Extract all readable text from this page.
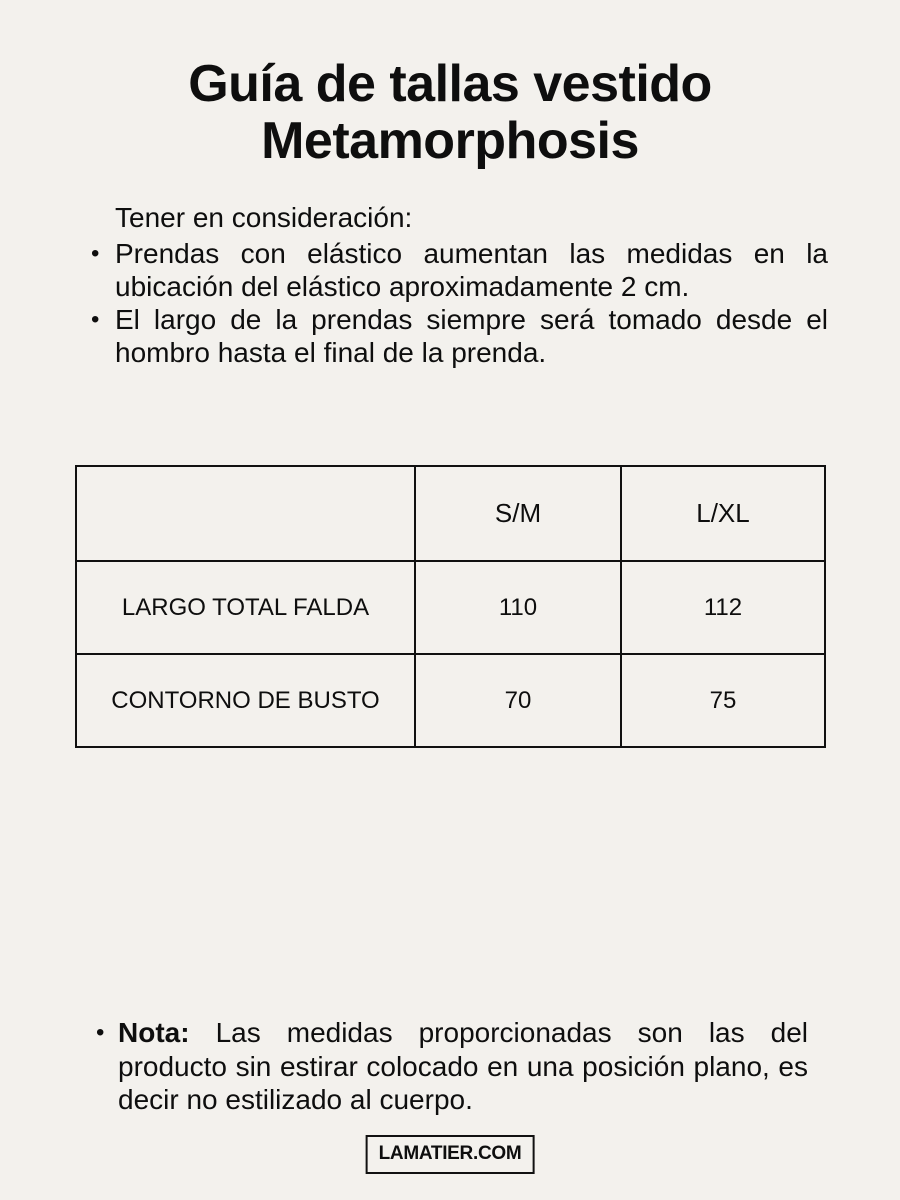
Guía de tallas vestido
Metamorphosis
Tener en consideración:
• Prendas con elástico aumentan las medidas en la ubicación del elástico aproximadamente 2 cm.
• El largo de la prendas siempre será tomado desde el hombro hasta el final de la prenda.
	S/M	L/XL
LARGO TOTAL FALDA	110	112
CONTORNO DE BUSTO	70	75
• Nota: Las medidas proporcionadas son las del producto sin estirar colocado en una posición plano, es decir no estilizado al cuerpo.
LAMATIER.COM
